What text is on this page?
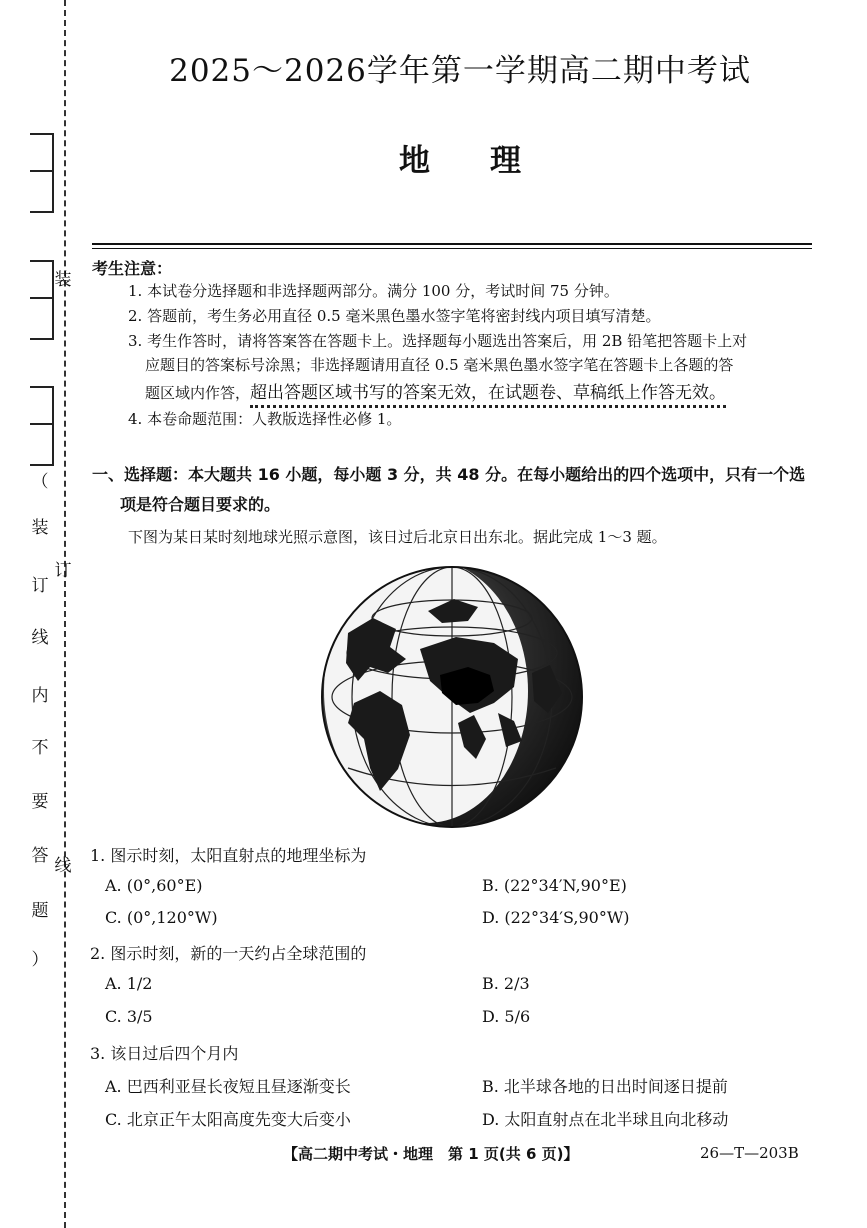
装
订
线
（
装
订
线
内
不
要
答
题
）
2025～2026学年第一学期高二期中考试
地理
考生注意：
1. 本试卷分选择题和非选择题两部分。满分 100 分，考试时间 75 分钟。
2. 答题前，考生务必用直径 0.5 毫米黑色墨水签字笔将密封线内项目填写清楚。
3. 考生作答时，请将答案答在答题卡上。选择题每小题选出答案后，用 2B 铅笔把答题卡上对
应题目的答案标号涂黑；非选择题请用直径 0.5 毫米黑色墨水签字笔在答题卡上各题的答
题区域内作答，超出答题区域书写的答案无效，在试题卷、草稿纸上作答无效。
4. 本卷命题范围：人教版选择性必修 1。
一、选择题：本大题共 16 小题，每小题 3 分，共 48 分。在每小题给出的四个选项中，只有一个选
项是符合题目要求的。
下图为某日某时刻地球光照示意图，该日过后北京日出东北。据此完成 1～3 题。
1. 图示时刻，太阳直射点的地理坐标为
A. (0°,60°E)	B. (22°34′N,90°E)
C. (0°,120°W)	D. (22°34′S,90°W)
2. 图示时刻，新的一天约占全球范围的
A. 1/2	B. 2/3
C. 3/5	D. 5/6
3. 该日过后四个月内
A. 巴西利亚昼长夜短且昼逐渐变长	B. 北半球各地的日出时间逐日提前
C. 北京正午太阳高度先变大后变小	D. 太阳直射点在北半球且向北移动
【高二期中考试・地理　第 1 页(共 6 页)】	26—T—203B
